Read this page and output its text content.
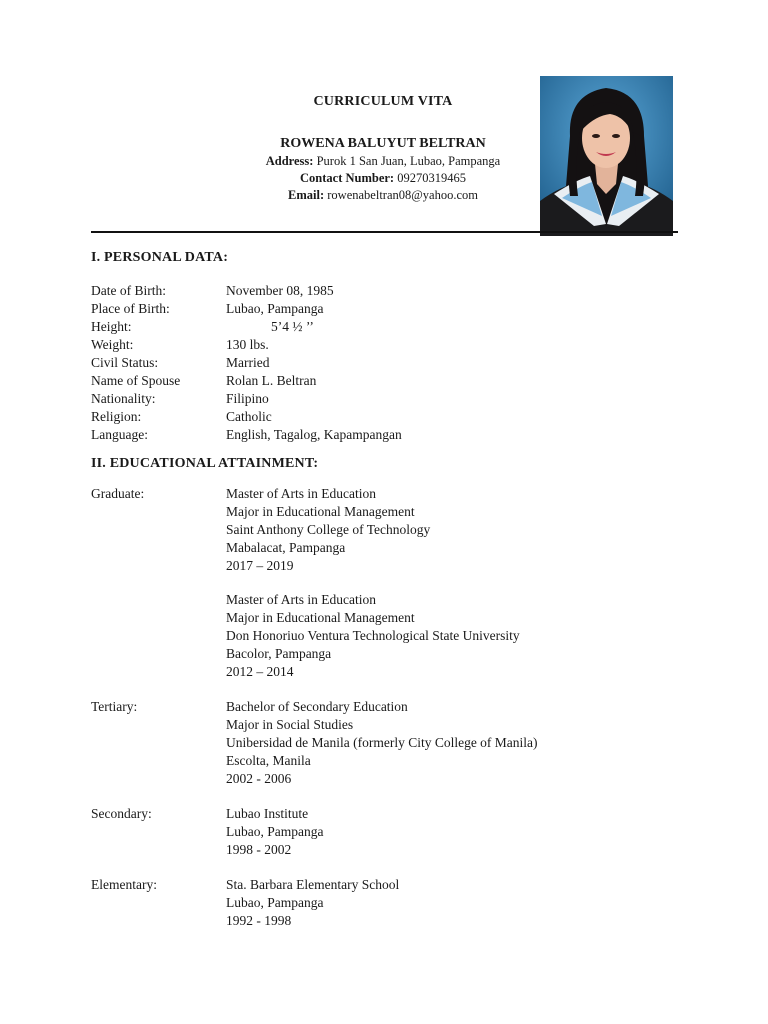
CURRICULUM VITA
ROWENA BALUYUT BELTRAN
Address: Purok 1 San Juan, Lubao, Pampanga
Contact Number: 09270319465
Email: rowenabeltran08@yahoo.com
I. PERSONAL DATA:
Date of Birth:	November 08, 1985
Place of Birth:	Lubao, Pampanga
Height:	5’4 ½ ’’
Weight:	130 lbs.
Civil Status:	Married
Name of Spouse	Rolan L. Beltran
Nationality:	Filipino
Religion:	Catholic
Language:	English, Tagalog, Kapampangan
II. EDUCATIONAL ATTAINMENT:
Graduate:	Master of Arts in Education
Major in Educational Management
Saint Anthony College of Technology
Mabalacat, Pampanga
2017 – 2019
Master of Arts in Education
Major in Educational Management
Don Honoriuo Ventura Technological State University
Bacolor, Pampanga
2012 – 2014
Tertiary:	Bachelor of Secondary Education
Major in Social Studies
Unibersidad de Manila (formerly City College of Manila)
Escolta, Manila
2002 - 2006
Secondary:	Lubao Institute
Lubao, Pampanga
1998 - 2002
Elementary:	Sta. Barbara Elementary School
Lubao, Pampanga
1992 - 1998
